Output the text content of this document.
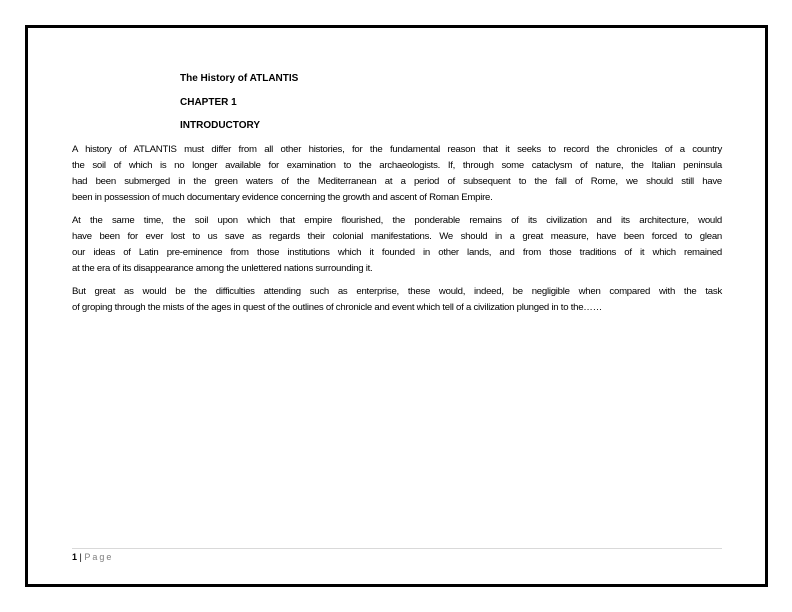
The History of ATLANTIS
CHAPTER 1
INTRODUCTORY
A history of ATLANTIS must differ from all other histories, for the fundamental reason that it seeks to record the chronicles of a country
the soil of which is no longer available for examination to the archaeologists. If, through some cataclysm of nature, the Italian peninsula
had been submerged in the green waters of the Mediterranean at a period of subsequent to the fall of Rome, we should still have
been in possession of much documentary evidence concerning the growth and ascent of Roman Empire.
At the same time, the soil upon which that empire flourished, the ponderable remains of its civilization and its architecture, would
have been for ever lost to us save as regards their colonial manifestations. We should in a great measure, have been forced to glean
our ideas of Latin pre-eminence from those institutions which it founded in other lands, and from those traditions of it which remained
at the era of its disappearance among the unlettered nations surrounding it.
But great as would be the difficulties attending such as enterprise, these would, indeed, be negligible when compared with the task
of groping through the mists of the ages in quest of the outlines of chronicle and event which tell of a civilization plunged in to the……
1 | Page
